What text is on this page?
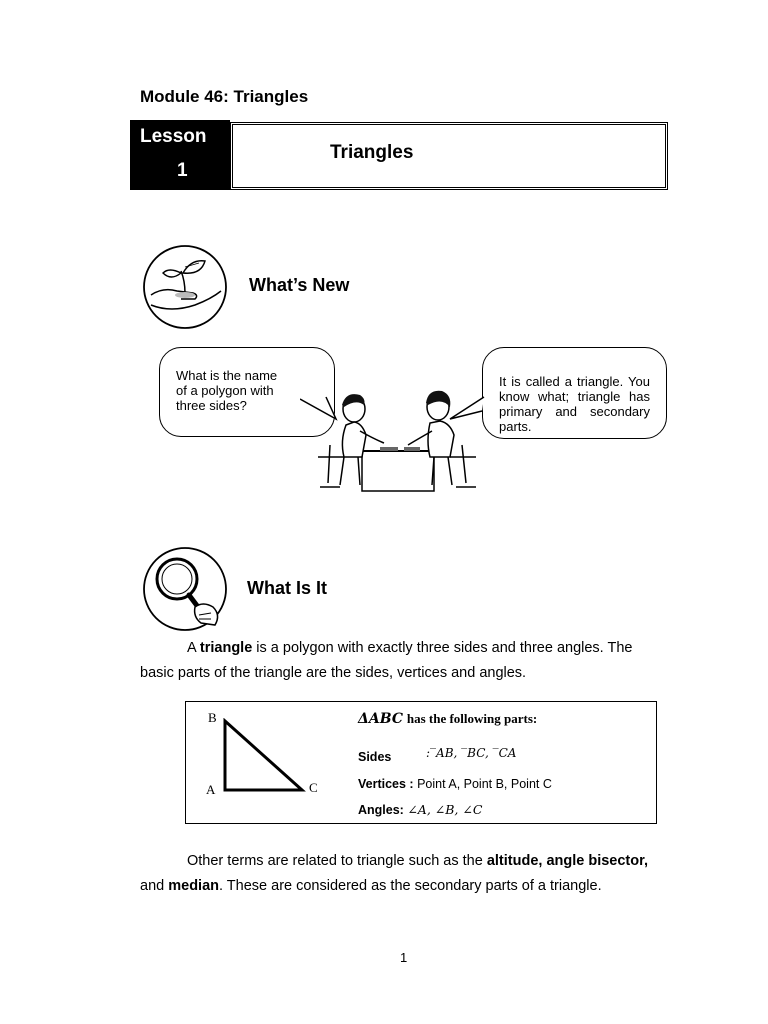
Module 46: Triangles
Lesson
1
Triangles
What’s New
What is the name
of a polygon with
three sides?
It is called a triangle. You know what; triangle has primary and secondary parts.
What Is It
A triangle is a polygon with exactly three sides and three angles. The basic parts of the triangle are the sides, vertices and angles.
B
A	C
ΔABC has the following parts:
Sides	:‾AB, ‾BC, ‾CA
Vertices : Point A, Point B, Point C
Angles: ∠A, ∠B, ∠C
Other terms are related to triangle such as the altitude, angle bisector, and median. These are considered as the secondary parts of a triangle.
1
